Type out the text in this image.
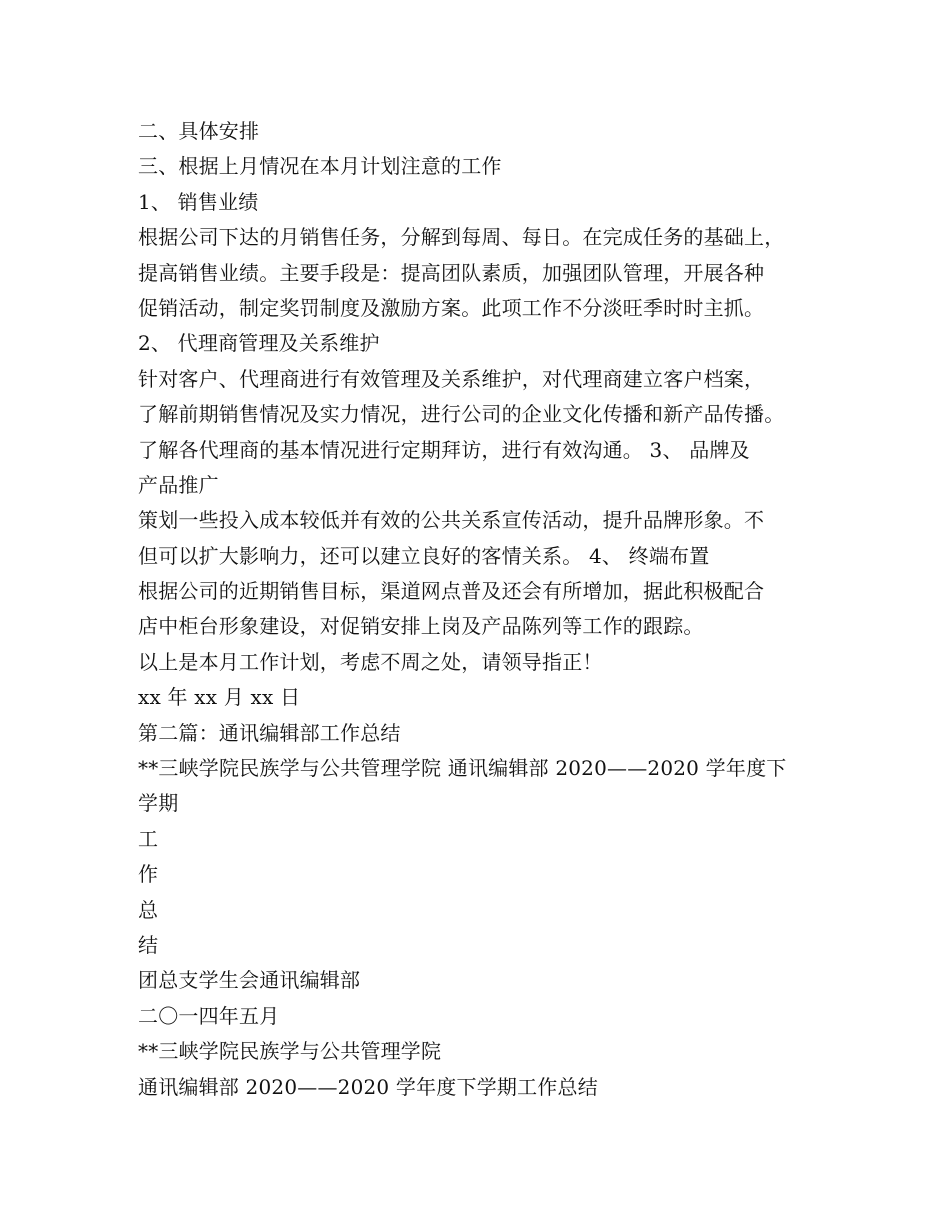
二、具体安排
三、根据上月情况在本月计划注意的工作
1、 销售业绩
根据公司下达的月销售任务，分解到每周、每日。在完成任务的基础上，
提高销售业绩。主要手段是：提高团队素质，加强团队管理，开展各种
促销活动，制定奖罚制度及激励方案。此项工作不分淡旺季时时主抓。
2、 代理商管理及关系维护
针对客户、代理商进行有效管理及关系维护，对代理商建立客户档案，
了解前期销售情况及实力情况，进行公司的企业文化传播和新产品传播。
了解各代理商的基本情况进行定期拜访，进行有效沟通。 3、 品牌及
产品推广
策划一些投入成本较低并有效的公共关系宣传活动，提升品牌形象。不
但可以扩大影响力，还可以建立良好的客情关系。 4、 终端布置
根据公司的近期销售目标，渠道网点普及还会有所增加，据此积极配合
店中柜台形象建设，对促销安排上岗及产品陈列等工作的跟踪。
以上是本月工作计划，考虑不周之处，请领导指正！
xx 年 xx 月 xx 日
第二篇：通讯编辑部工作总结
**三峡学院民族学与公共管理学院 通讯编辑部 2020——2020 学年度下
学期
工
作
总
结
团总支学生会通讯编辑部
二〇一四年五月
**三峡学院民族学与公共管理学院
通讯编辑部 2020——2020 学年度下学期工作总结
